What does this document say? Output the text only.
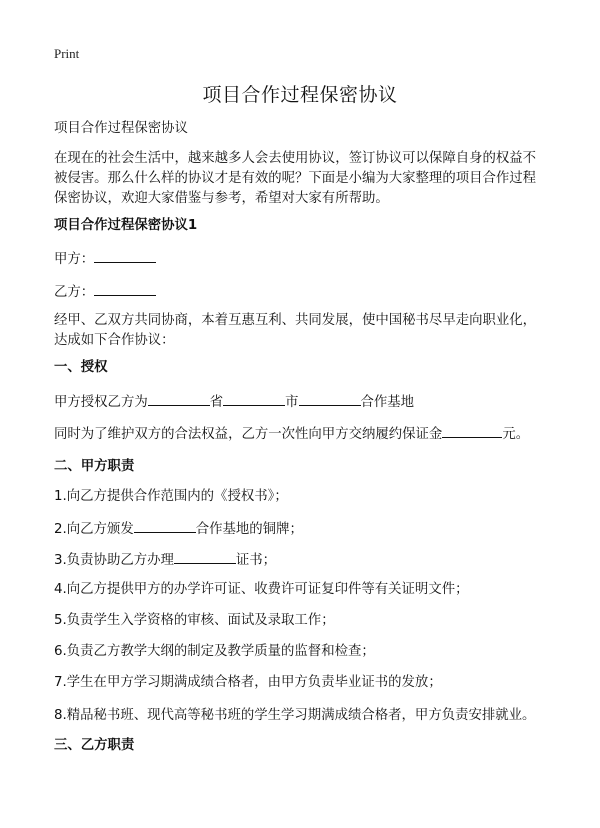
Print
项目合作过程保密协议

项目合作过程保密协议

在现在的社会生活中，越来越多人会去使用协议，签订协议可以保障自身的权益不被侵害。那么什么样的协议才是有效的呢？下面是小编为大家整理的项目合作过程保密协议，欢迎大家借鉴与参考，希望对大家有所帮助。

项目合作过程保密协议1

甲方：

乙方：

经甲、乙双方共同协商，本着互惠互利、共同发展，使中国秘书尽早走向职业化，达成如下合作协议：

一、授权

甲方授权乙方为	省	市	合作基地

同时为了维护双方的合法权益，乙方一次性向甲方交纳履约保证金	元。

二、甲方职责

1.向乙方提供合作范围内的《授权书》；

2.向乙方颁发	合作基地的铜牌；

3.负责协助乙方办理	证书；

4.向乙方提供甲方的办学许可证、收费许可证复印件等有关证明文件；

5.负责学生入学资格的审核、面试及录取工作；

6.负责乙方教学大纲的制定及教学质量的监督和检查；

7.学生在甲方学习期满成绩合格者，由甲方负责毕业证书的发放；

8.精品秘书班、现代高等秘书班的学生学习期满成绩合格者，甲方负责安排就业。

三、乙方职责
